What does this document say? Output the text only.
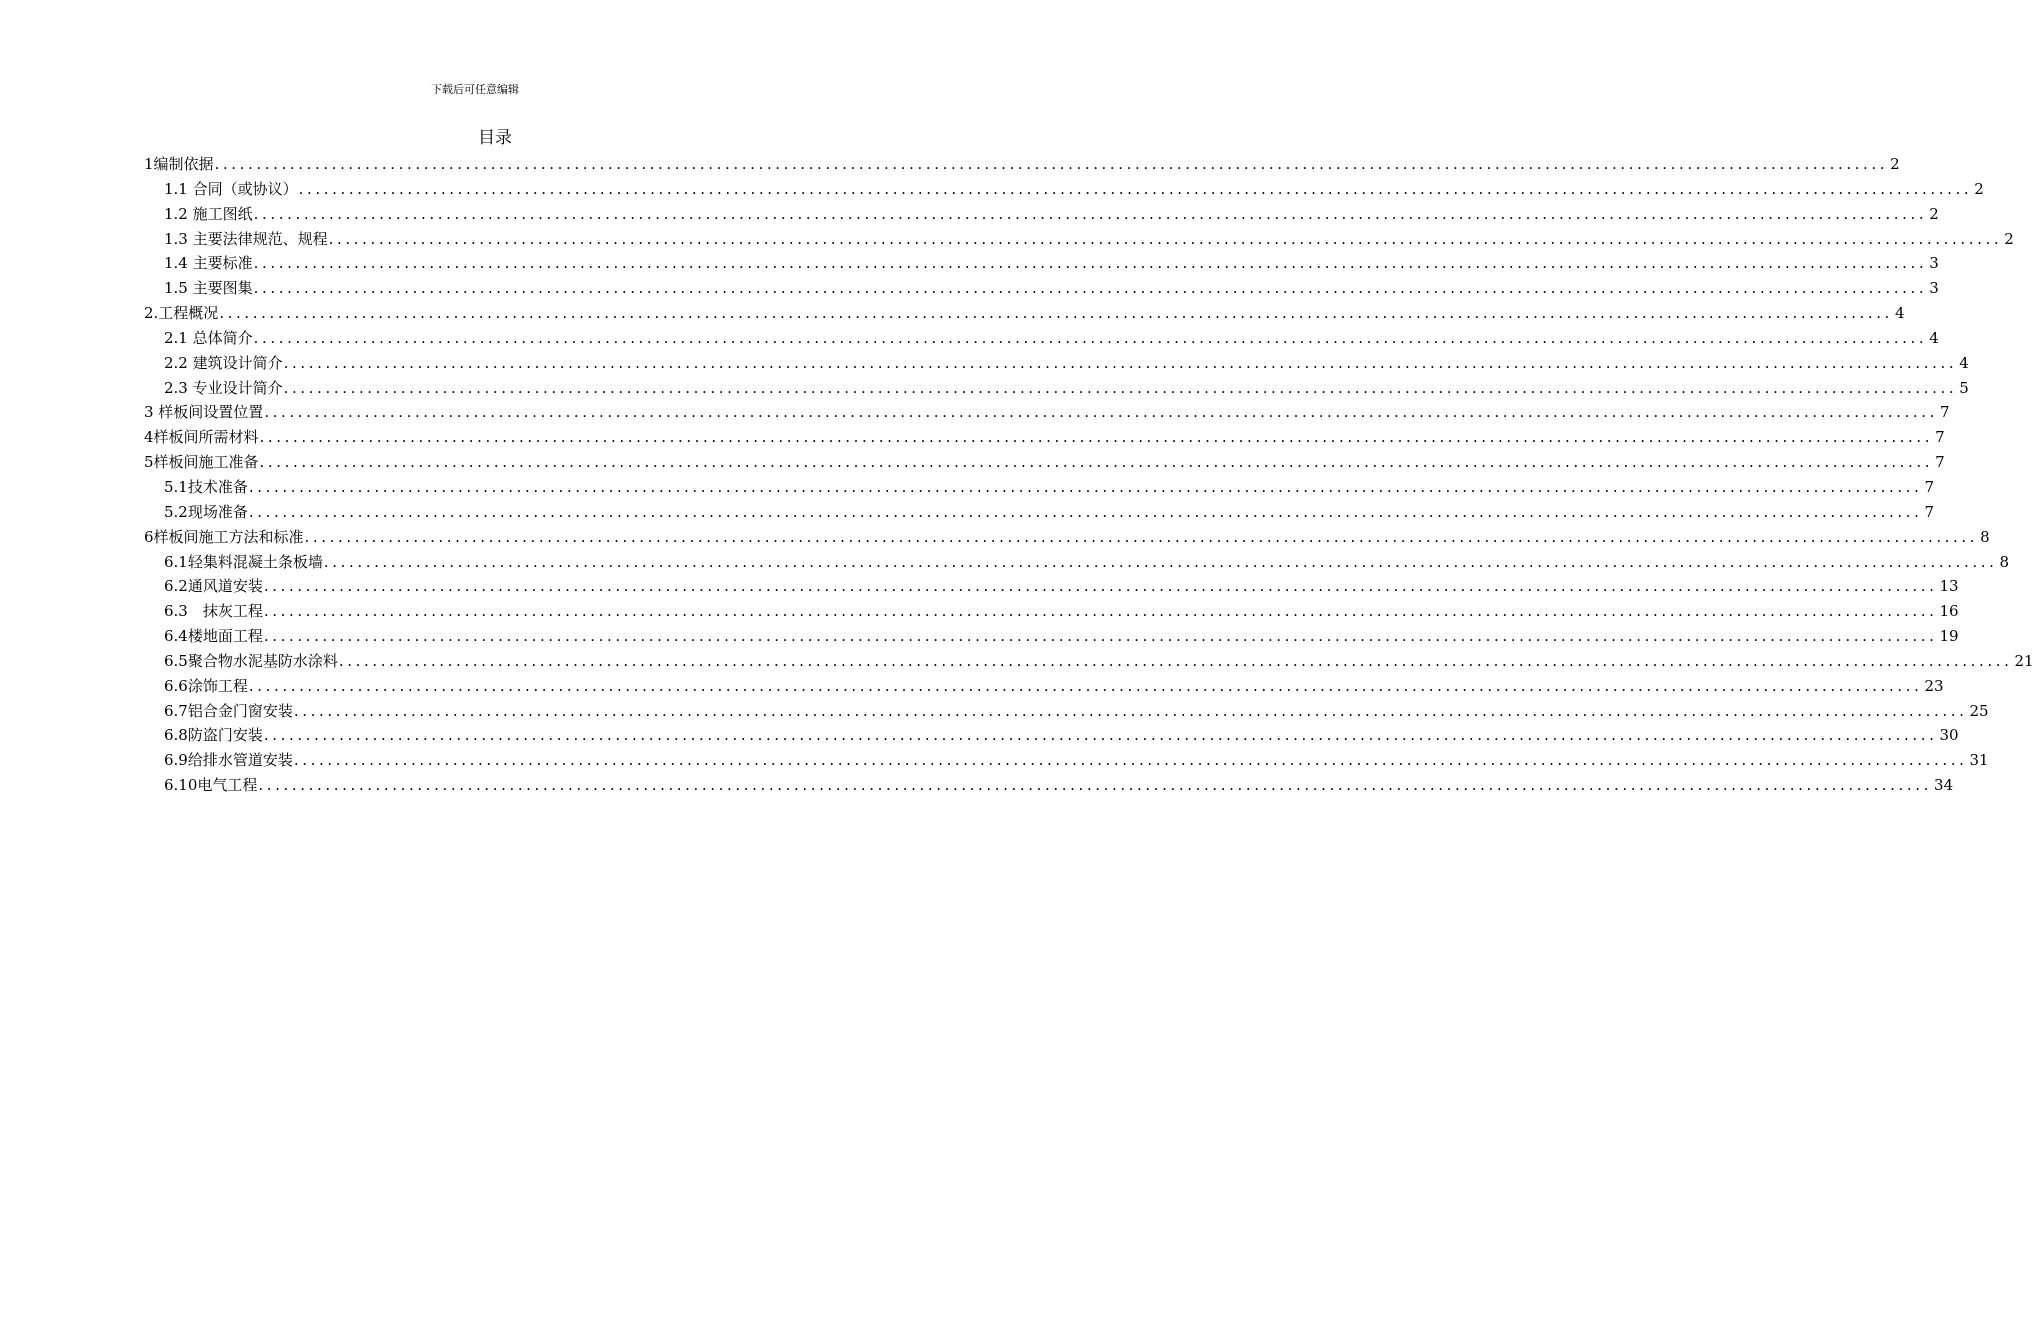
下载后可任意编辑
目录
1编制依据 ........................................................................................................................................................................................................ 2
1.1 合同（或协议） ........................................................................................................................................................................................................ 2
1.2 施工图纸 ........................................................................................................................................................................................................ 2
1.3 主要法律规范、规程 ........................................................................................................................................................................................................ 2
1.4 主要标准 ........................................................................................................................................................................................................ 3
1.5 主要图集 ........................................................................................................................................................................................................ 3
2.工程概况 ........................................................................................................................................................................................................ 4
2.1 总体简介 ........................................................................................................................................................................................................ 4
2.2 建筑设计简介 ........................................................................................................................................................................................................ 4
2.3 专业设计简介 ........................................................................................................................................................................................................ 5
3 样板间设置位置 ........................................................................................................................................................................................................ 7
4样板间所需材料 ........................................................................................................................................................................................................ 7
5样板间施工准备 ........................................................................................................................................................................................................ 7
5.1技术准备 ........................................................................................................................................................................................................ 7
5.2现场准备 ........................................................................................................................................................................................................ 7
6样板间施工方法和标准 ........................................................................................................................................................................................................ 8
6.1轻集料混凝土条板墙 ........................................................................................................................................................................................................ 8
6.2通风道安装 ........................................................................................................................................................................................................ 13
6.3　抹灰工程 ........................................................................................................................................................................................................ 16
6.4楼地面工程 ........................................................................................................................................................................................................ 19
6.5聚合物水泥基防水涂料 ........................................................................................................................................................................................................ 21
6.6涂饰工程 ........................................................................................................................................................................................................ 23
6.7铝合金门窗安装 ........................................................................................................................................................................................................ 25
6.8防盗门安装 ........................................................................................................................................................................................................ 30
6.9给排水管道安装 ........................................................................................................................................................................................................ 31
6.10电气工程 ........................................................................................................................................................................................................ 34
